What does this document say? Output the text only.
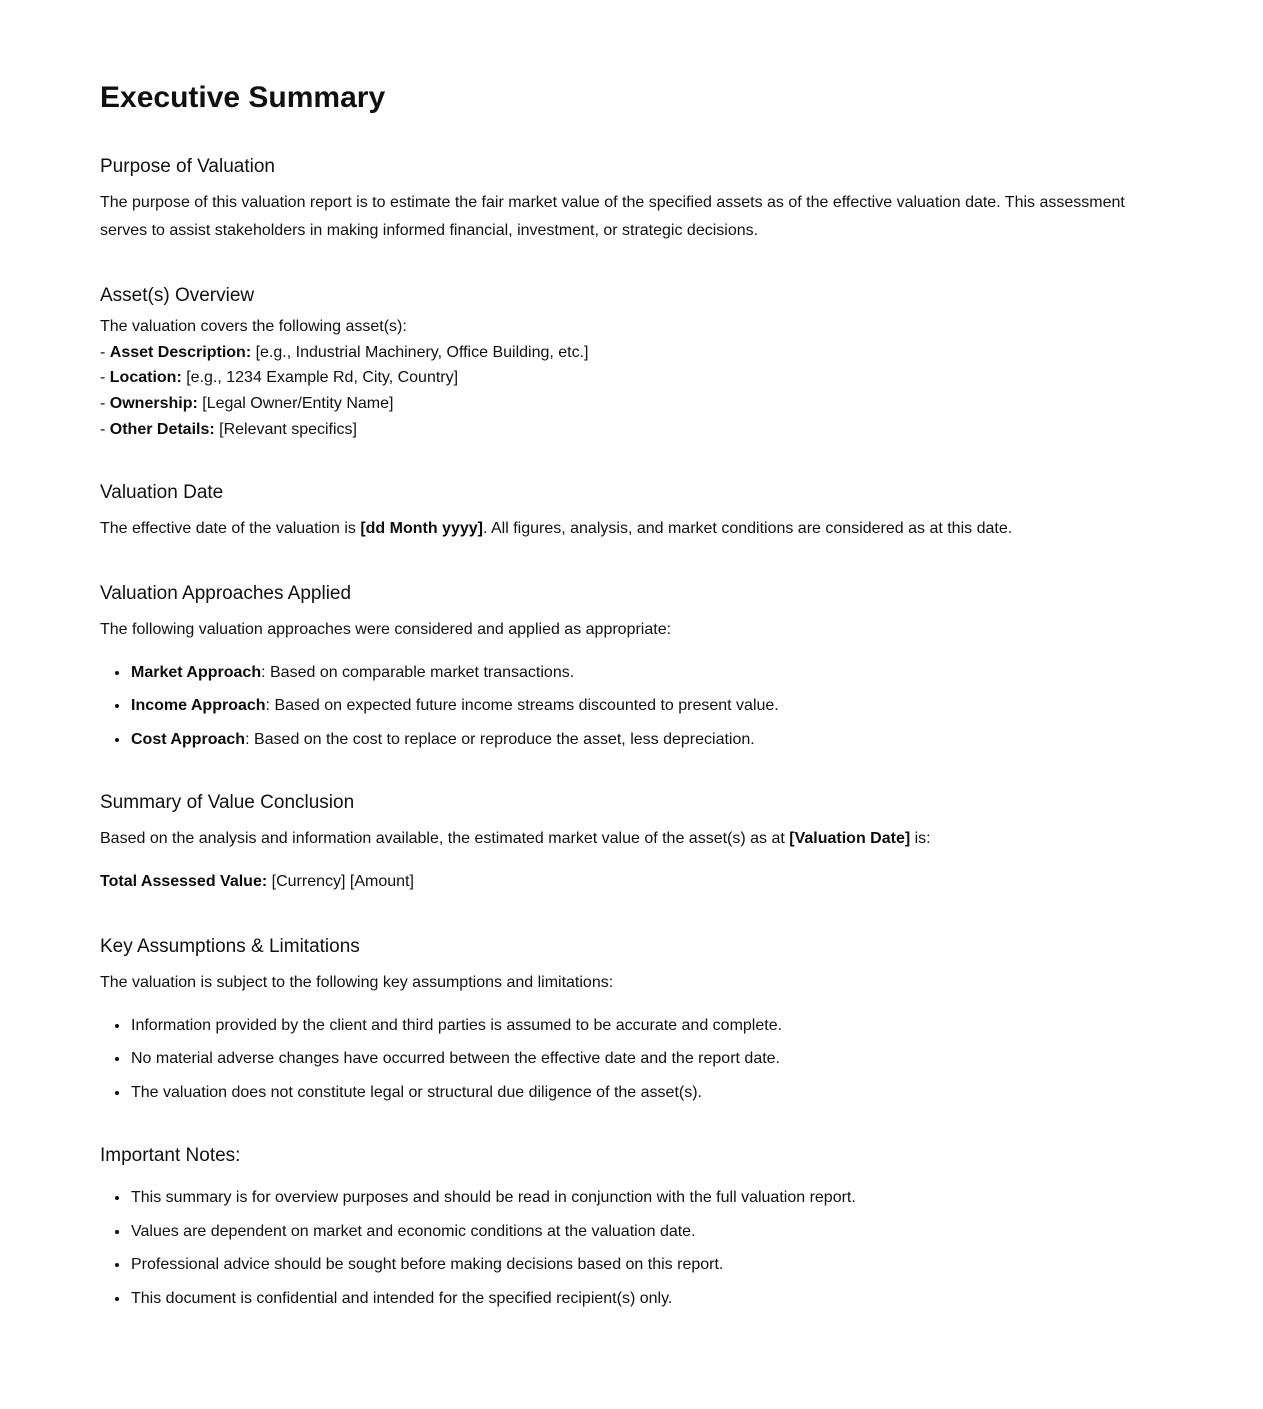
Executive Summary
Purpose of Valuation

The purpose of this valuation report is to estimate the fair market value of the specified assets as of the effective valuation date. This assessment serves to assist stakeholders in making informed financial, investment, or strategic decisions.

Asset(s) Overview

The valuation covers the following asset(s):

- Asset Description: [e.g., Industrial Machinery, Office Building, etc.]

- Location: [e.g., 1234 Example Rd, City, Country]

- Ownership: [Legal Owner/Entity Name]

- Other Details: [Relevant specifics]

Valuation Date

The effective date of the valuation is [dd Month yyyy]. All figures, analysis, and market conditions are considered as at this date.

Valuation Approaches Applied

The following valuation approaches were considered and applied as appropriate:

• Market Approach: Based on comparable market transactions.
• Income Approach: Based on expected future income streams discounted to present value.
• Cost Approach: Based on the cost to replace or reproduce the asset, less depreciation.
Summary of Value Conclusion

Based on the analysis and information available, the estimated market value of the asset(s) as at [Valuation Date] is:

Total Assessed Value: [Currency] [Amount]

Key Assumptions & Limitations

The valuation is subject to the following key assumptions and limitations:

• Information provided by the client and third parties is assumed to be accurate and complete.
• No material adverse changes have occurred between the effective date and the report date.
• The valuation does not constitute legal or structural due diligence of the asset(s).
Important Notes:
• This summary is for overview purposes and should be read in conjunction with the full valuation report.
• Values are dependent on market and economic conditions at the valuation date.
• Professional advice should be sought before making decisions based on this report.
• This document is confidential and intended for the specified recipient(s) only.
